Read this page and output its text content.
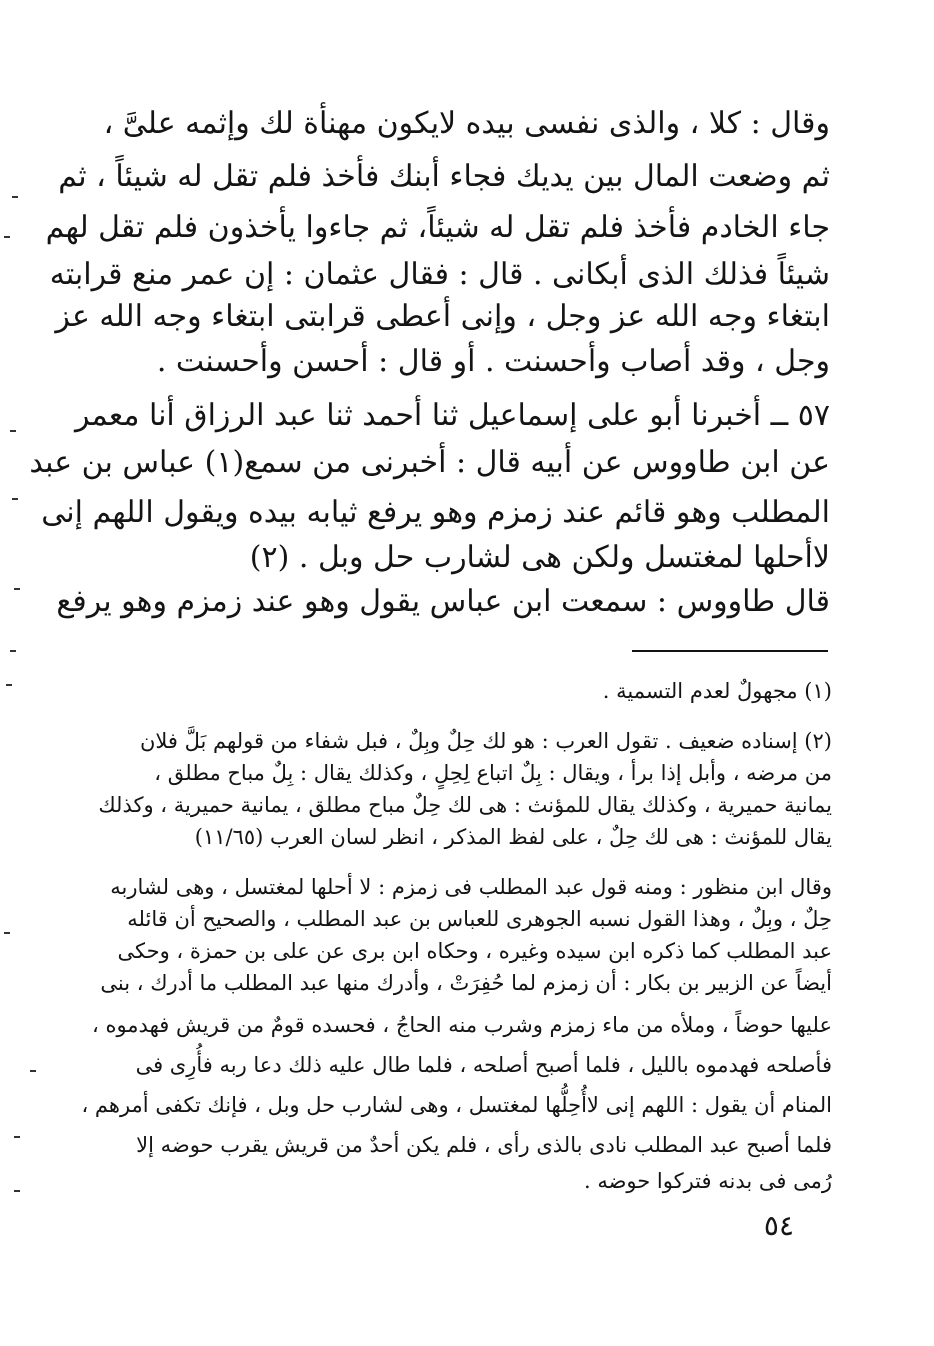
وقال : كلا ، والذى نفسى بيده لايكون مهنأة لك وإثمه علىَّ ،
ثم وضعت المال بين يديك فجاء أبنك فأخذ فلم تقل له شيئاً ، ثم
جاء الخادم فأخذ فلم تقل له شيئاً، ثم جاءوا يأخذون فلم تقل لهم
شيئاً فذلك الذى أبكانى . قال : فقال عثمان : إن عمر منع قرابته
ابتغاء وجه الله عز وجل ، وإنى أعطى قرابتى ابتغاء وجه الله عز
وجل ، وقد أصاب وأحسنت . أو قال : أحسن وأحسنت .
٥٧ ــ أخبرنا أبو على إسماعيل ثنا أحمد ثنا عبد الرزاق أنا معمر
عن ابن طاووس عن أبيه قال : أخبرنى من سمع(١) عباس بن عبد
المطلب وهو قائم عند زمزم وهو يرفع ثيابه بيده ويقول اللهم إنى
لاأحلها لمغتسل ولكن هى لشارب حل وبل . (٢)
قال طاووس : سمعت ابن عباس يقول وهو عند زمزم وهو يرفع
(١) مجهولٌ لعدم التسمية .
(٢) إسناده ضعيف . تقول العرب : هو لك حِلٌ وبِلٌ ، فبل شفاء من قولهم بَلَّ فلان
من مرضه ، وأبل إذا برأ ، ويقال : بِلٌ اتباع لِحِلٍ ، وكذلك يقال : بِلٌ مباح مطلق ،
يمانية حميرية ، وكذلك يقال للمؤنث : هى لك حِلٌ مباح مطلق ، يمانية حميرية ، وكذلك
يقال للمؤنث : هى لك حِلٌ ، على لفظ المذكر ، انظر لسان العرب (١١/٦٥)
وقال ابن منظور : ومنه قول عبد المطلب فى زمزم : لا أحلها لمغتسل ، وهى لشاربه
حِلٌ ، وبِلٌ ، وهذا القول نسبه الجوهرى للعباس بن عبد المطلب ، والصحيح أن قائله
عبد المطلب كما ذكره ابن سيده وغيره ، وحكاه ابن برى عن على بن حمزة ، وحكى
أيضاً عن الزبير بن بكار : أن زمزم لما حُفِرَتْ ، وأدرك منها عبد المطلب ما أدرك ، بنى
عليها حوضاً ، وملأه من ماء زمزم وشرب منه الحاجُ ، فحسده قومٌ من قريش فهدموه ،
فأصلحه فهدموه بالليل ، فلما أصبح أصلحه ، فلما طال عليه ذلك دعا ربه فأُرِى فى
المنام أن يقول : اللهم إنى لاأُحِلُّها لمغتسل ، وهى لشارب حل وبل ، فإنك تكفى أمرهم ،
فلما أصبح عبد المطلب نادى بالذى رأى ، فلم يكن أحدٌ من قريش يقرب حوضه إلا
رُمى فى بدنه فتركوا حوضه .
٥٤
